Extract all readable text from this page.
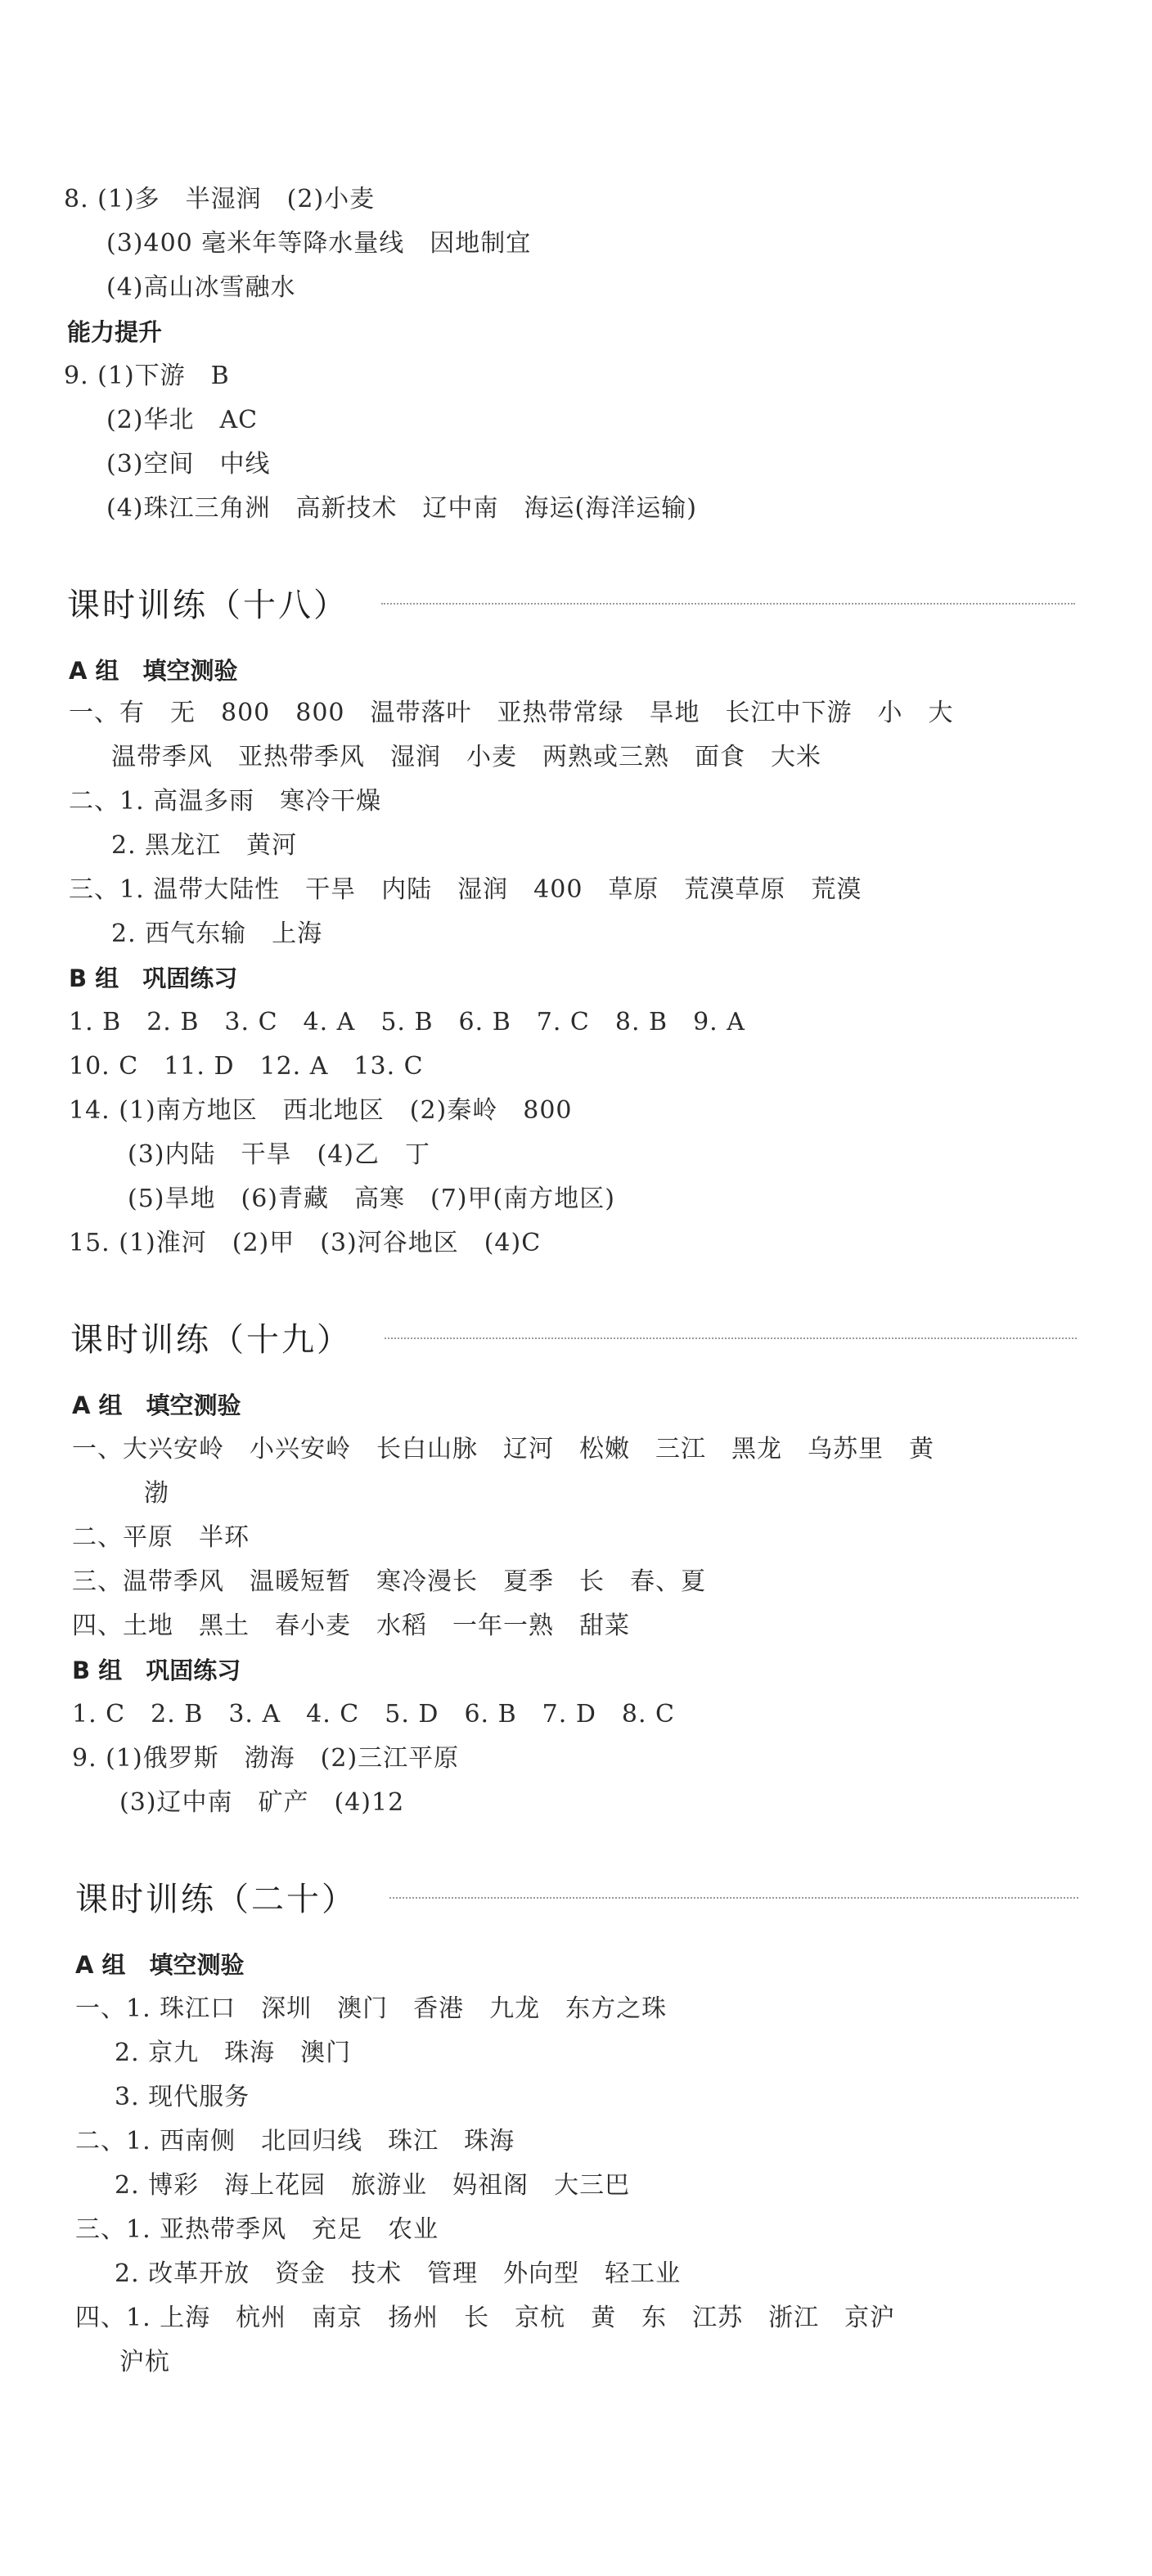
8. (1)多　半湿润　(2)小麦
(3)400 毫米年等降水量线　因地制宜
(4)高山冰雪融水
能力提升
9. (1)下游　B
(2)华北　AC
(3)空间　中线
(4)珠江三角洲　高新技术　辽中南　海运(海洋运输)
课时训练（十八）
A 组　填空测验
一、有　无　800　800　温带落叶　亚热带常绿　旱地　长江中下游　小　大
温带季风　亚热带季风　湿润　小麦　两熟或三熟　面食　大米
二、1. 高温多雨　寒冷干燥
2. 黑龙江　黄河
三、1. 温带大陆性　干旱　内陆　湿润　400　草原　荒漠草原　荒漠
2. 西气东输　上海
B 组　巩固练习
1. B　2. B　3. C　4. A　5. B　6. B　7. C　8. B　9. A
10. C　11. D　12. A　13. C
14. (1)南方地区　西北地区　(2)秦岭　800
(3)内陆　干旱　(4)乙　丁
(5)旱地　(6)青藏　高寒　(7)甲(南方地区)
15. (1)淮河　(2)甲　(3)河谷地区　(4)C
课时训练（十九）
A 组　填空测验
一、大兴安岭　小兴安岭　长白山脉　辽河　松嫩　三江　黑龙　乌苏里　黄
渤
二、平原　半环
三、温带季风　温暖短暂　寒冷漫长　夏季　长　春、夏
四、土地　黑土　春小麦　水稻　一年一熟　甜菜
B 组　巩固练习
1. C　2. B　3. A　4. C　5. D　6. B　7. D　8. C
9. (1)俄罗斯　渤海　(2)三江平原
(3)辽中南　矿产　(4)12
课时训练（二十）
A 组　填空测验
一、1. 珠江口　深圳　澳门　香港　九龙　东方之珠
2. 京九　珠海　澳门
3. 现代服务
二、1. 西南侧　北回归线　珠江　珠海
2. 博彩　海上花园　旅游业　妈祖阁　大三巴
三、1. 亚热带季风　充足　农业
2. 改革开放　资金　技术　管理　外向型　轻工业
四、1. 上海　杭州　南京　扬州　长　京杭　黄　东　江苏　浙江　京沪
沪杭
